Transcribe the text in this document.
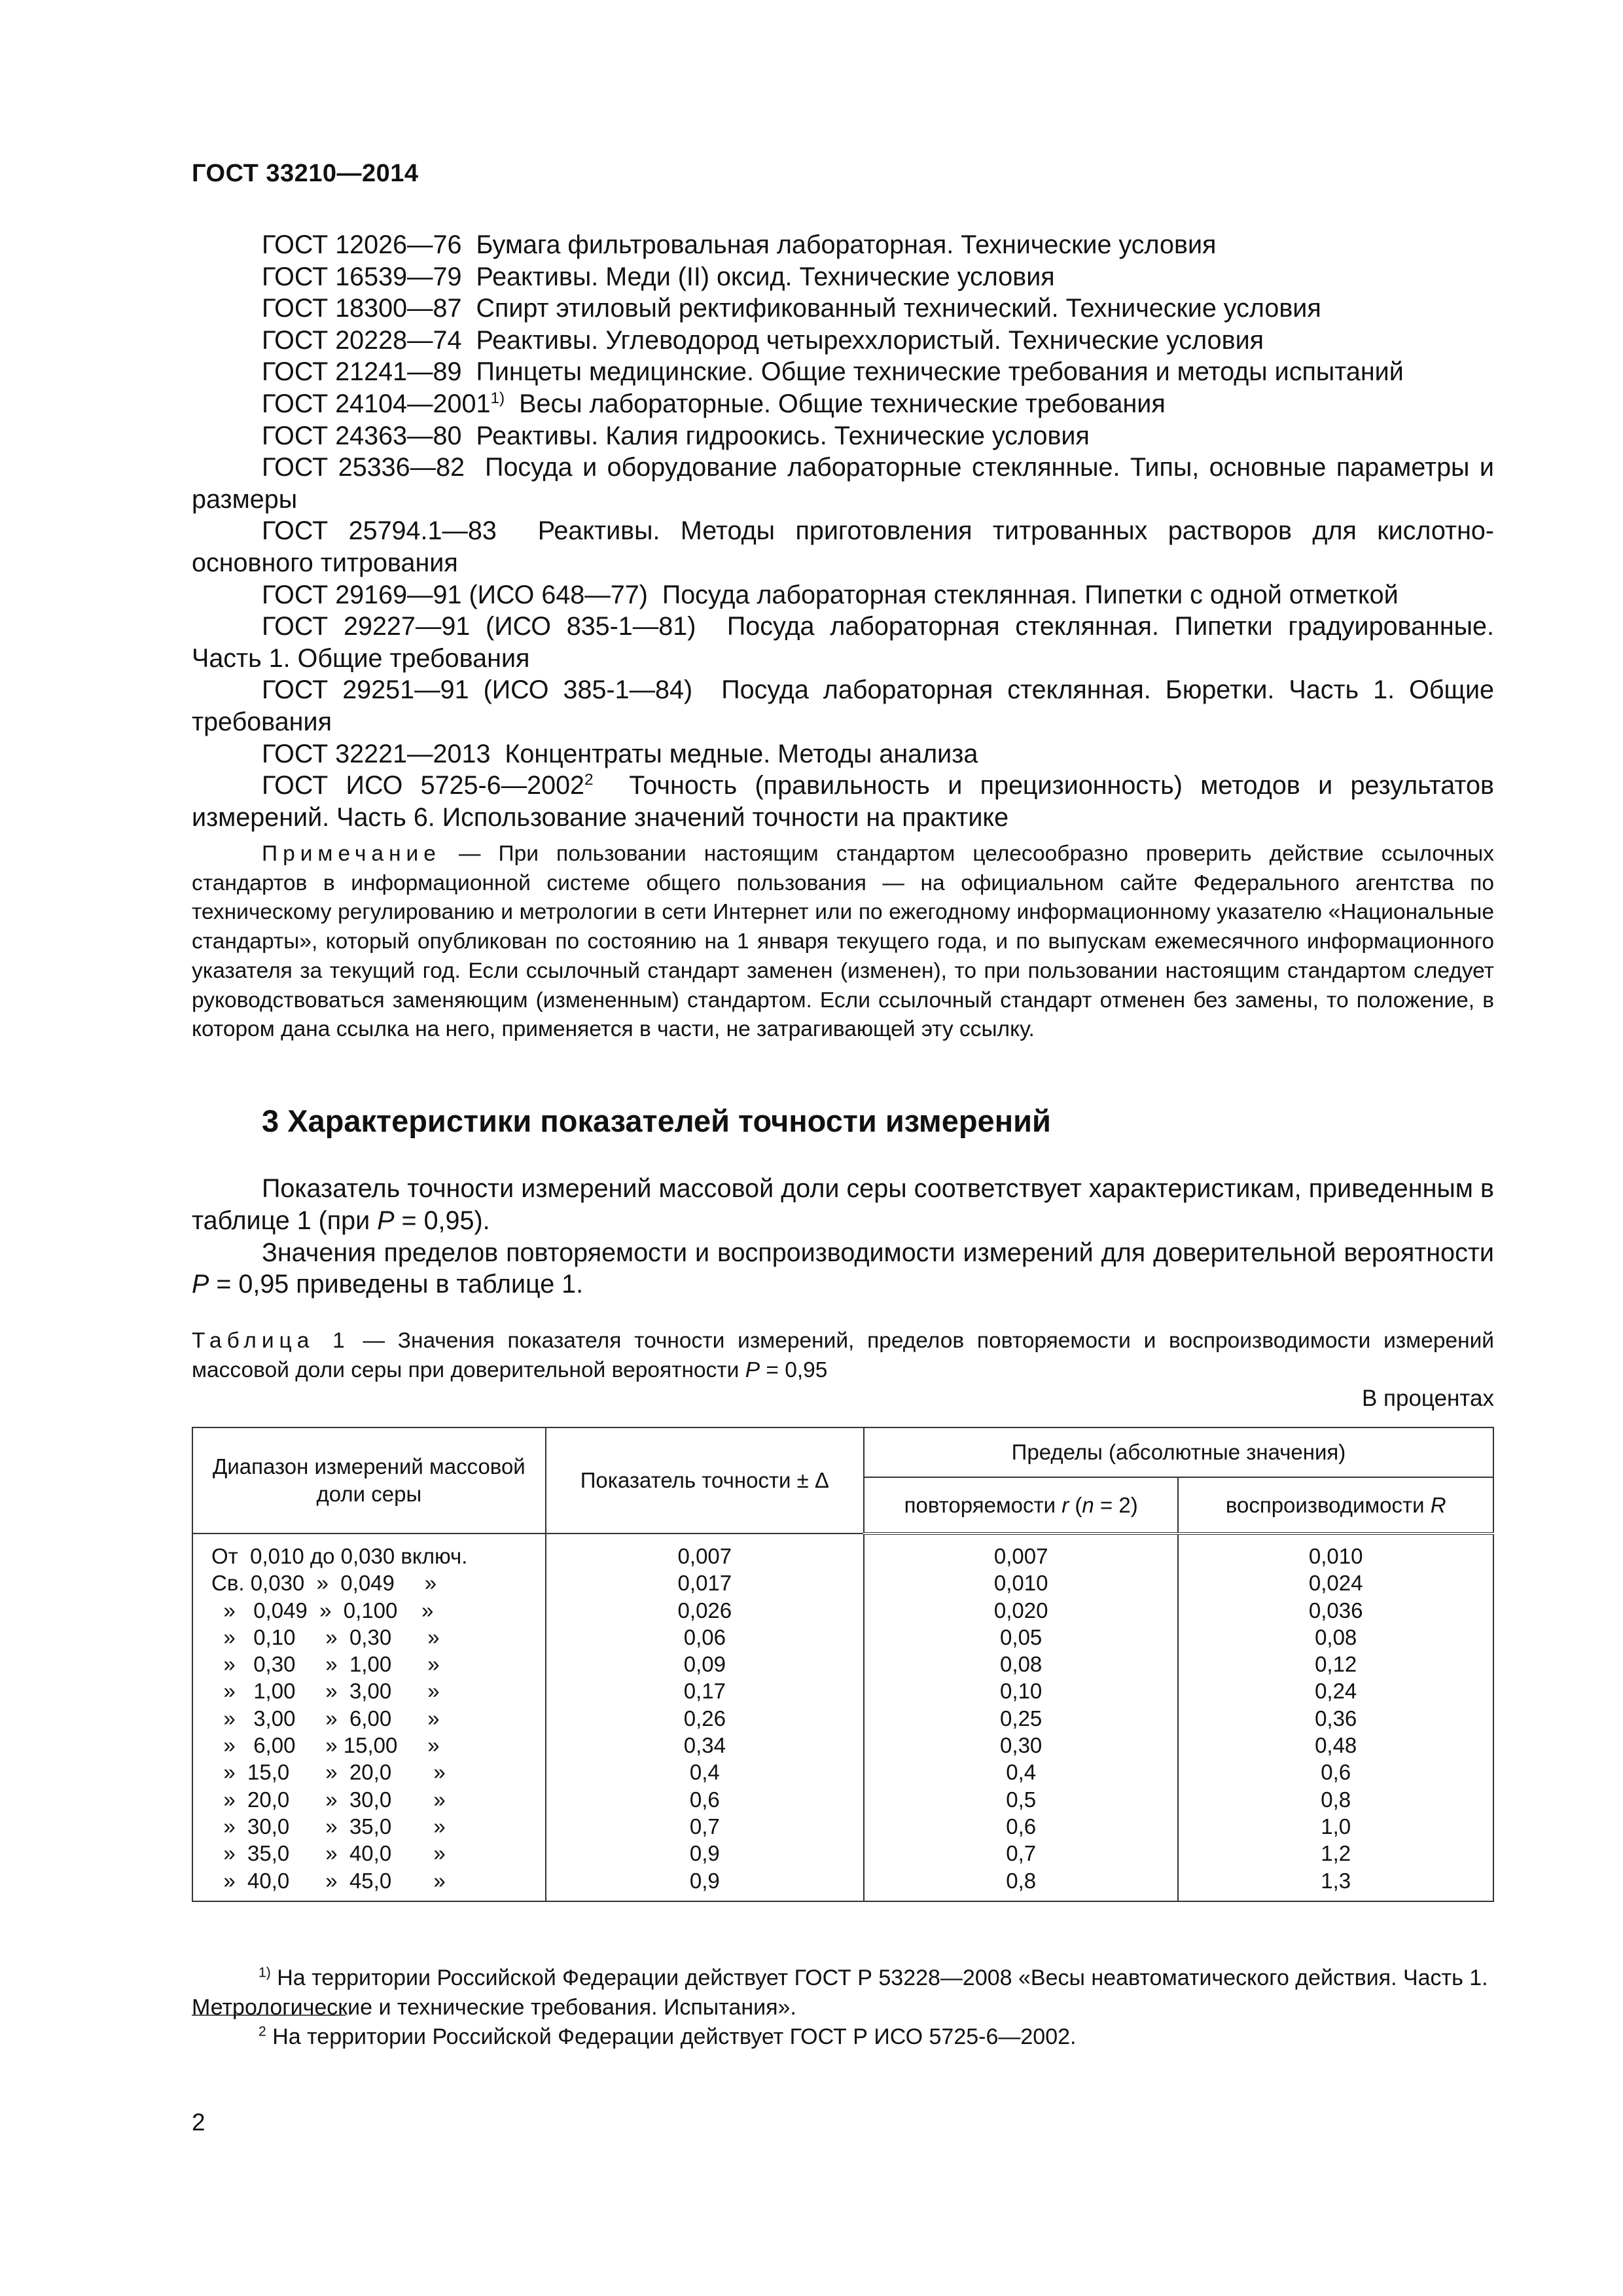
ГОСТ 33210—2014
ГОСТ 12026—76 Бумага фильтровальная лабораторная. Технические условия
ГОСТ 16539—79 Реактивы. Меди (II) оксид. Технические условия
ГОСТ 18300—87 Спирт этиловый ректификованный технический. Технические условия
ГОСТ 20228—74 Реактивы. Углеводород четыреххлористый. Технические условия
ГОСТ 21241—89 Пинцеты медицинские. Общие технические требования и методы испытаний
ГОСТ 24104—2001$^{1)}$ Весы лабораторные. Общие технические требования
ГОСТ 24363—80 Реактивы. Калия гидроокись. Технические условия
ГОСТ 25336—82 Посуда и оборудование лабораторные стеклянные. Типы, основные параметры и размеры
ГОСТ 25794.1—83 Реактивы. Методы приготовления титрованных растворов для кислотно-основного титрования
ГОСТ 29169—91 (ИСО 648—77) Посуда лабораторная стеклянная. Пипетки с одной отметкой
ГОСТ 29227—91 (ИСО 835-1—81) Посуда лабораторная стеклянная. Пипетки градуированные. Часть 1. Общие требования
ГОСТ 29251—91 (ИСО 385-1—84) Посуда лабораторная стеклянная. Бюретки. Часть 1. Общие требования
ГОСТ 32221—2013 Концентраты медные. Методы анализа
ГОСТ ИСО 5725-6—2002$^2$ Точность (правильность и прецизионность) методов и результатов измерений. Часть 6. Использование значений точности на практике
Примечание — При пользовании настоящим стандартом целесообразно проверить действие ссылочных стандартов в информационной системе общего пользования — на официальном сайте Федерального агентства по техническому регулированию и метрологии в сети Интернет или по ежегодному информационному указателю «Национальные стандарты», который опубликован по состоянию на 1 января текущего года, и по выпускам ежемесячного информационного указателя за текущий год. Если ссылочный стандарт заменен (изменен), то при пользовании настоящим стандартом следует руководствоваться заменяющим (измененным) стандартом. Если ссылочный стандарт отменен без замены, то положение, в котором дана ссылка на него, применяется в части, не затрагивающей эту ссылку.
3 Характеристики показателей точности измерений
Показатель точности измерений массовой доли серы соответствует характеристикам, приведенным в таблице 1 (при P = 0,95).
Значения пределов повторяемости и воспроизводимости измерений для доверительной вероятности P = 0,95 приведены в таблице 1.
Таблица 1 — Значения показателя точности измерений, пределов повторяемости и воспроизводимости измерений массовой доли серы при доверительной вероятности P = 0,95
В процентах
Диапазон измерений массовой доли серы	Показатель точности ± Δ	Пределы (абсолютные значения)	
		повторяемости r (n = 2)	воспроизводимости R
От  0,010 до 0,030 включ.	0,007	0,007	0,010
Св. 0,030  »  0,049     »	0,017	0,010	0,024
»   0,049  »  0,100    »	0,026	0,020	0,036
»   0,10     »  0,30      »	0,06	0,05	0,08
»   0,30     »  1,00      »	0,09	0,08	0,12
»   1,00     »  3,00      »	0,17	0,10	0,24
»   3,00     »  6,00      »	0,26	0,25	0,36
»   6,00     » 15,00     »	0,34	0,30	0,48
»  15,0      »  20,0       »	0,4	0,4	0,6
»  20,0      »  30,0       »	0,6	0,5	0,8
»  30,0      »  35,0       »	0,7	0,6	1,0
»  35,0      »  40,0       »	0,9	0,7	1,2
»  40,0      »  45,0       »	0,9	0,8	1,3
$^{1)}$ На территории Российской Федерации действует ГОСТ Р 53228—2008 «Весы неавтоматического действия. Часть 1. Метрологические и технические требования. Испытания».
$^2$ На территории Российской Федерации действует ГОСТ Р ИСО 5725-6—2002.
2
